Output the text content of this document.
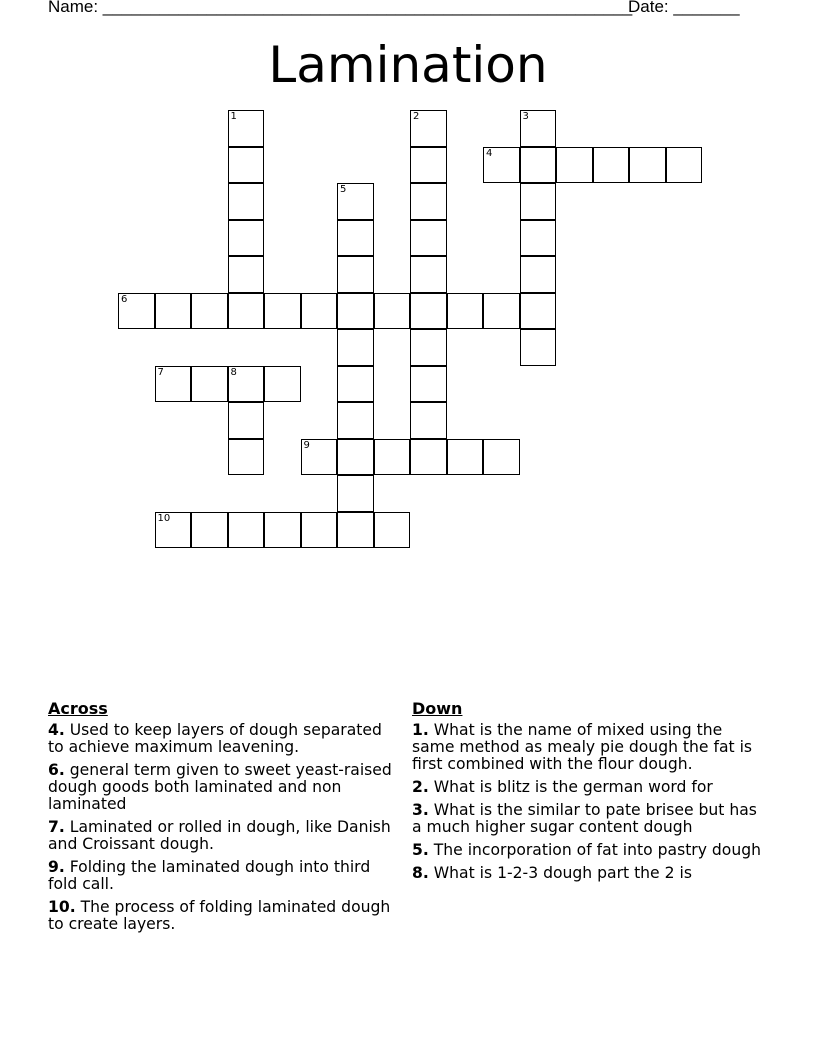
Name: ________________________________________________________
Date: _______
Lamination
1	2	3
4
5
6
7	8
9
10
Across
4. Used to keep layers of dough separated to achieve maximum leavening.
6. general term given to sweet yeast-raised dough goods both laminated and non laminated
7. Laminated or rolled in dough, like Danish and Croissant dough.
9. Folding the laminated dough into third fold call.
10. The process of folding laminated dough to create layers.
Down
1. What is the name of mixed using the same method as mealy pie dough the fat is first combined with the flour dough.
2. What is blitz is the german word for
3. What is the similar to pate brisee but has a much higher sugar content dough
5. The incorporation of fat into pastry dough
8. What is 1-2-3 dough part the 2 is
